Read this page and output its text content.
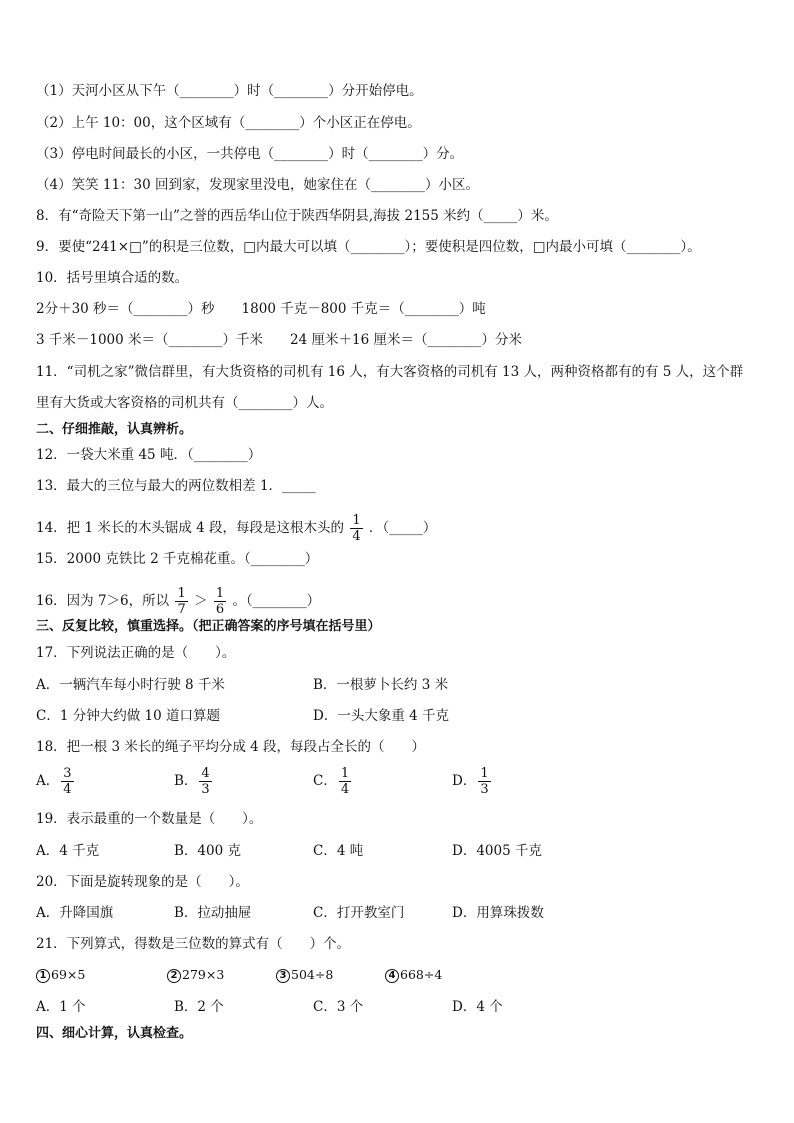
（1）天河小区从下午（________）时（________）分开始停电。
（2）上午 10：00，这个区域有（________）个小区正在停电。
（3）停电时间最长的小区，一共停电（________）时（________）分。
（4）笑笑 11：30 回到家，发现家里没电，她家住在（________）小区。
8．有“奇险天下第一山”之誉的西岳华山位于陕西华阴县,海拔 2155 米约（_____）米。
9．要使“241×□”的积是三位数，□内最大可以填（________）；要使积是四位数，□内最小可填（________）。
10．括号里填合适的数。
2分＋30 秒＝（________）秒　　1800 千克－800 千克＝（________）吨
3 千米－1000 米＝（________）千米　　24 厘米＋16 厘米＝（________）分米
11．“司机之家”微信群里，有大货资格的司机有 16 人，有大客资格的司机有 13 人，两种资格都有的有 5 人，这个群
里有大货或大客资格的司机共有（________）人。
二、仔细推敲，认真辨析。
12．一袋大米重 45 吨．（________）
13．最大的三位与最大的两位数相差 1．_____
14．把 1 米长的木头锯成 4 段，每段是这根木头的 $\frac{1}{4}$ ．（_____）
15．2000 克铁比 2 千克棉花重。（________）
16．因为 7＞6，所以 $\frac{1}{7} > \frac{1}{6}$ 。（________）
三、反复比较，慎重选择。（把正确答案的序号填在括号里）
17．下列说法正确的是（　　）。
A．一辆汽车每小时行驶 8 千米	B．一根萝卜长约 3 米
C．1 分钟大约做 10 道口算题	D．一头大象重 4 千克
18．把一根 3 米长的绳子平均分成 4 段，每段占全长的（　　）
A． $\frac{3}{4}$	B． $\frac{4}{3}$	C． $\frac{1}{4}$	D． $\frac{1}{3}$
19．表示最重的一个数量是（　　）。
A．4 千克	B．400 克	C．4 吨	D．4005 千克
20．下面是旋转现象的是（　　）。
A．升降国旗	B．拉动抽屉	C．打开教室门	D．用算珠拨数
21．下列算式，得数是三位数的算式有（　　）个。
1 69×5	2 279×3	3 504÷8	4 668÷4
A．1 个	B．2 个	C．3 个	D．4 个
四、细心计算，认真检查。
